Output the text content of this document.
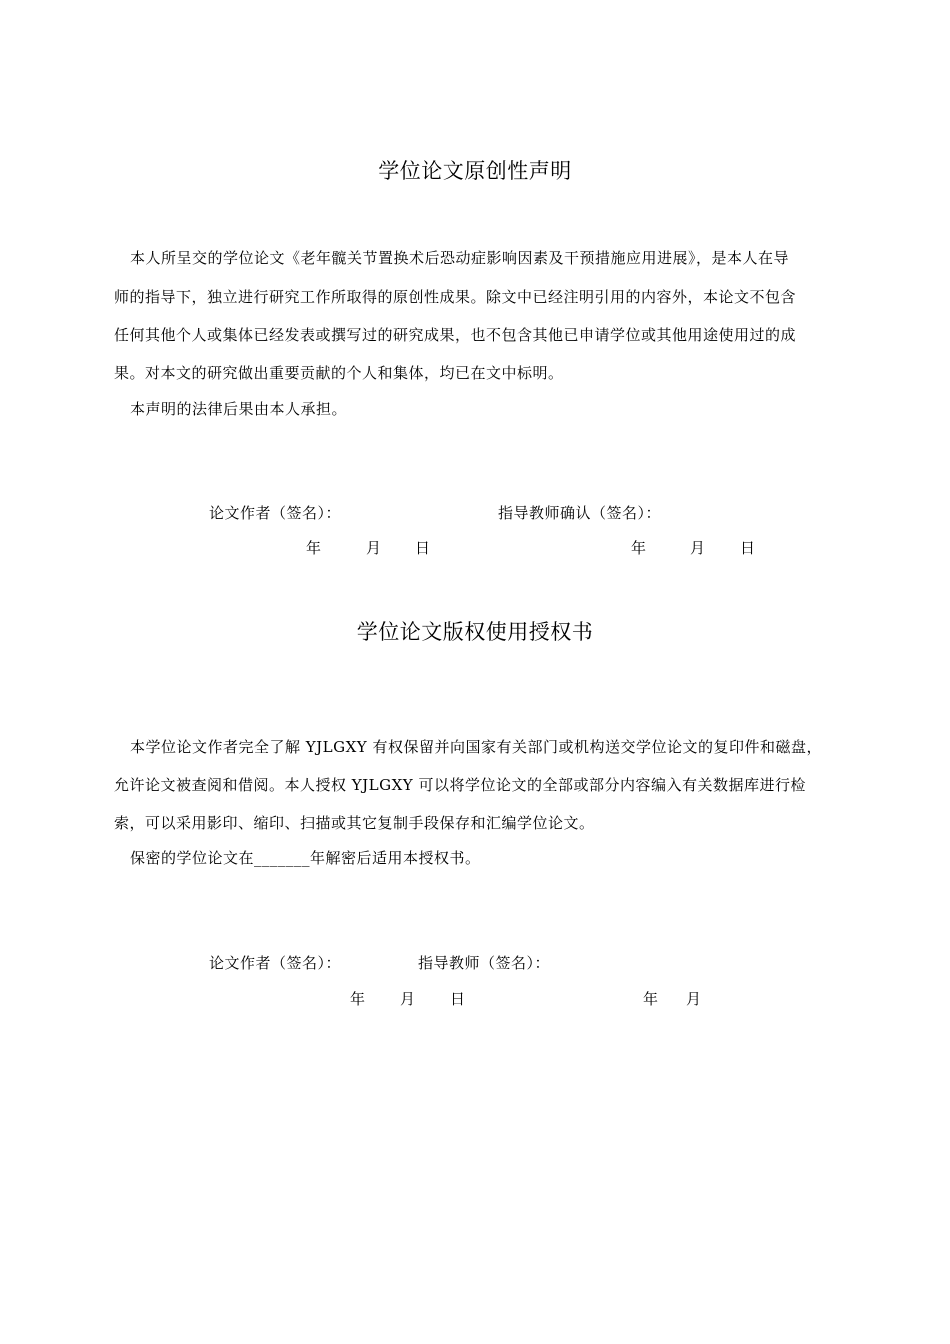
学位论文原创性声明
本人所呈交的学位论文《老年髋关节置换术后恐动症影响因素及干预措施应用进展》，是本人在导
师的指导下，独立进行研究工作所取得的原创性成果。除文中已经注明引用的内容外，本论文不包含
任何其他个人或集体已经发表或撰写过的研究成果，也不包含其他已申请学位或其他用途使用过的成
果。对本文的研究做出重要贡献的个人和集体，均已在文中标明。
本声明的法律后果由本人承担。
论文作者（签名）：	指导教师确认（签名）：
年	月 日	年	月 日
学位论文版权使用授权书
本学位论文作者完全了解 YJLGXY 有权保留并向国家有关部门或机构送交学位论文的复印件和磁盘，
允许论文被查阅和借阅。本人授权 YJLGXY 可以将学位论文的全部或部分内容编入有关数据库进行检
索，可以采用影印、缩印、扫描或其它复制手段保存和汇编学位论文。
保密的学位论文在_______年解密后适用本授权书。
论文作者（签名）：	指导教师（签名）：
年 月 日	年 月
